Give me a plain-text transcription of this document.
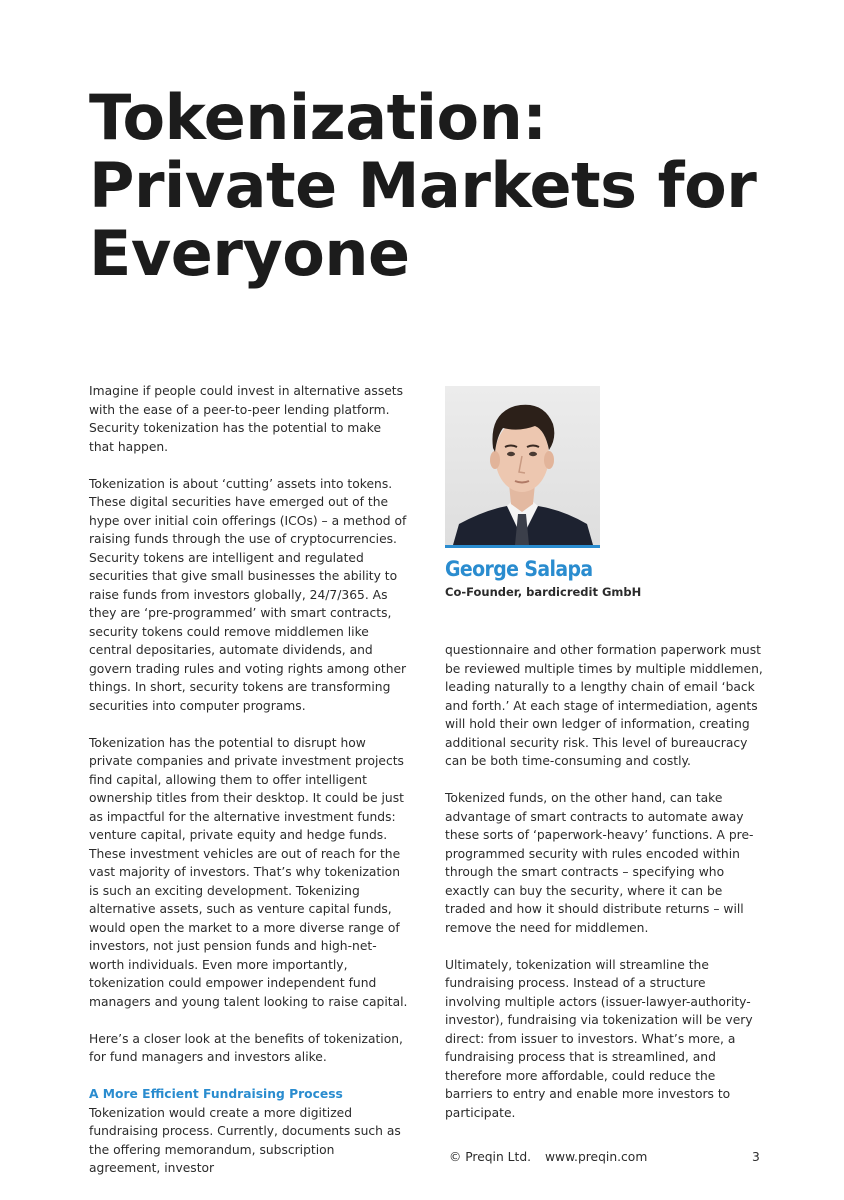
Tokenization:
Private Markets for
Everyone

Imagine if people could invest in alternative assets with the ease of a peer-to-peer lending platform. Security tokenization has the potential to make that happen.

Tokenization is about ‘cutting’ assets into tokens. These digital securities have emerged out of the hype over initial coin offerings (ICOs) – a method of raising funds through the use of cryptocurrencies. Security tokens are intelligent and regulated securities that give small businesses the ability to raise funds from investors globally, 24/7/365. As they are ‘pre-programmed’ with smart contracts, security tokens could remove middlemen like central depositaries, automate dividends, and govern trading rules and voting rights among other things. In short, security tokens are transforming securities into computer programs.

Tokenization has the potential to disrupt how private companies and private investment projects find capital, allowing them to offer intelligent ownership titles from their desktop. It could be just as impactful for the alternative investment funds: venture capital, private equity and hedge funds. These investment vehicles are out of reach for the vast majority of investors. That’s why tokenization is such an exciting development. Tokenizing alternative assets, such as venture capital funds, would open the market to a more diverse range of investors, not just pension funds and high-net-worth individuals. Even more importantly, tokenization could empower independent fund managers and young talent looking to raise capital.

Here’s a closer look at the benefits of tokenization, for fund managers and investors alike.

A More Efficient Fundraising Process

Tokenization would create a more digitized fundraising process. Currently, documents such as the offering memorandum, subscription agreement, investor

George Salapa
Co-Founder, bardicredit GmbH

questionnaire and other formation paperwork must be reviewed multiple times by multiple middlemen, leading naturally to a lengthy chain of email ‘back and forth.’ At each stage of intermediation, agents will hold their own ledger of information, creating additional security risk. This level of bureaucracy can be both time-consuming and costly.

Tokenized funds, on the other hand, can take advantage of smart contracts to automate away these sorts of ‘paperwork-heavy’ functions. A pre-programmed security with rules encoded within through the smart contracts – specifying who exactly can buy the security, where it can be traded and how it should distribute returns – will remove the need for middlemen.

Ultimately, tokenization will streamline the fundraising process. Instead of a structure involving multiple actors (issuer-lawyer-authority-investor), fundraising via tokenization will be very direct: from issuer to investors. What’s more, a fundraising process that is streamlined, and therefore more affordable, could reduce the barriers to entry and enable more investors to participate.

© Preqin Ltd. www.preqin.com	3
